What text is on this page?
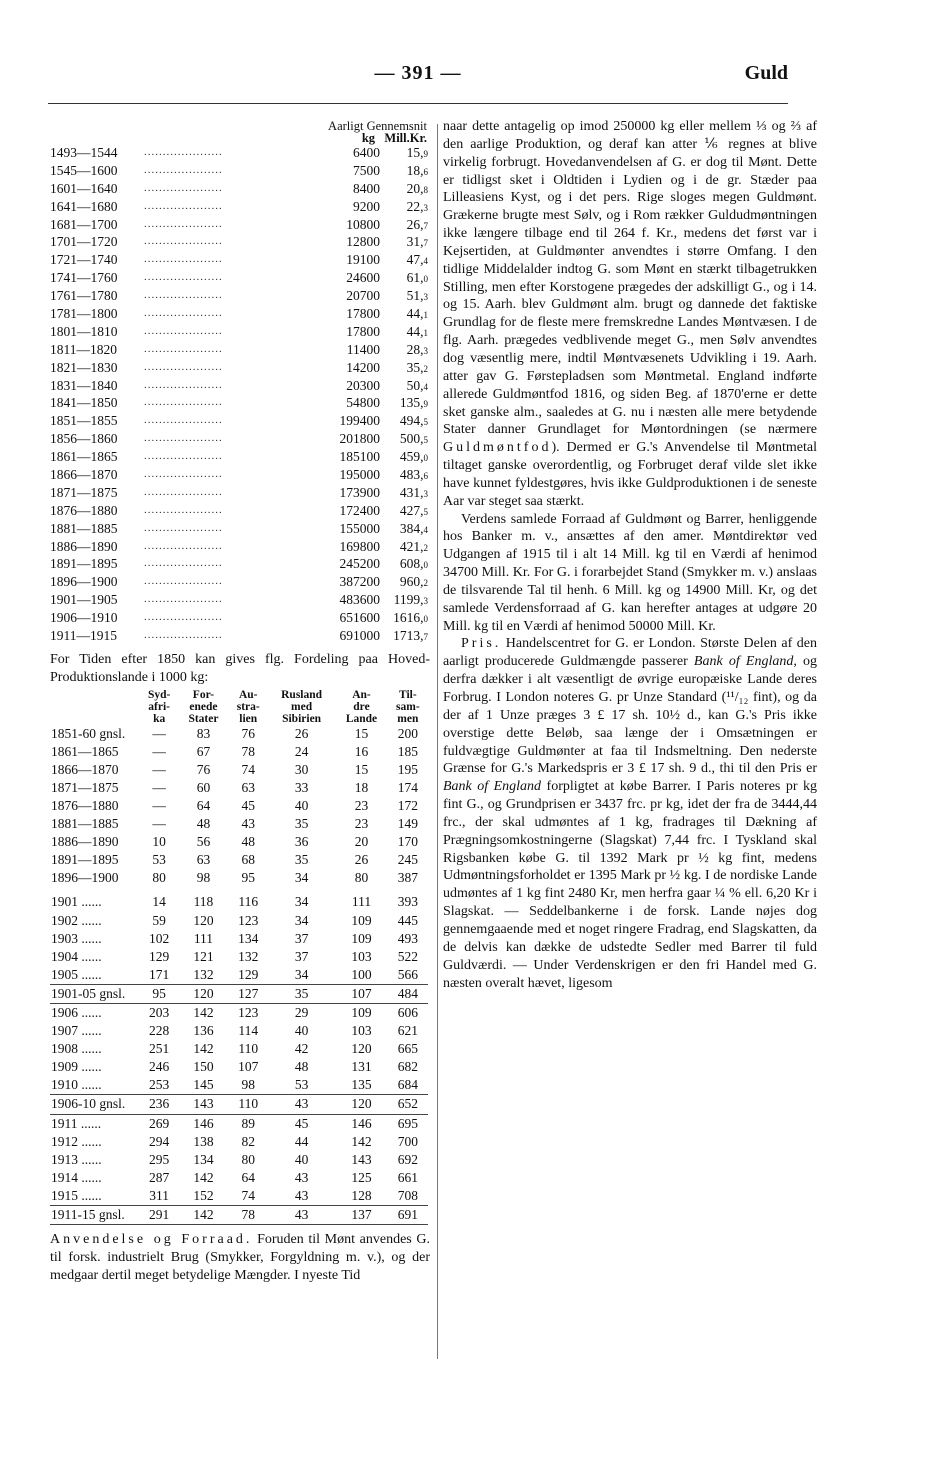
— 391 —	Guld
Aarligt Gennemsnit
kg   Mill.Kr.
1493—1544 .....................	6400 15,9
1545—1600 .....................	7500 18,6
1601—1640 .....................	8400 20,8
1641—1680 .....................	9200 22,3
1681—1700 .....................	10800 26,7
1701—1720 .....................	12800 31,7
1721—1740 .....................	19100 47,4
1741—1760 .....................	24600 61,0
1761—1780 .....................	20700 51,3
1781—1800 .....................	17800 44,1
1801—1810 .....................	17800 44,1
1811—1820 .....................	11400 28,3
1821—1830 .....................	14200 35,2
1831—1840 .....................	20300 50,4
1841—1850 .....................	54800 135,9
1851—1855 .....................	199400 494,5
1856—1860 .....................	201800 500,5
1861—1865 .....................	185100 459,0
1866—1870 .....................	195000 483,6
1871—1875 .....................	173900 431,3
1876—1880 .....................	172400 427,5
1881—1885 .....................	155000 384,4
1886—1890 .....................	169800 421,2
1891—1895 .....................	245200 608,0
1896—1900 .....................	387200 960,2
1901—1905 .....................	483600 1199,3
1906—1910 .....................	651600 1616,0
1911—1915 .....................	691000 1713,7
For Tiden efter 1850 kan gives flg. Fordeling paa Hoved-Produktionslande i 1000 kg:
	Syd-
afri-
ka	For-
enede
Stater	Au-
stra-
lien	Rusland
med
Sibirien	An-
dre
Lande	Til-
sam-
men
1851-60 gnsl.	—	83	76	26	15	200
1861—1865	—	67	78	24	16	185
1866—1870	—	76	74	30	15	195
1871—1875	—	60	63	33	18	174
1876—1880	—	64	45	40	23	172
1881—1885	—	48	43	35	23	149
1886—1890	10	56	48	36	20	170
1891—1895	53	63	68	35	26	245
1896—1900	80	98	95	34	80	387

1901 ......	14	118	116	34	111	393
1902 ......	59	120	123	34	109	445
1903 ......	102	111	134	37	109	493
1904 ......	129	121	132	37	103	522
1905 ......	171	132	129	34	100	566
1901-05 gnsl.	95	120	127	35	107	484
1906 ......	203	142	123	29	109	606
1907 ......	228	136	114	40	103	621
1908 ......	251	142	110	42	120	665
1909 ......	246	150	107	48	131	682
1910 ......	253	145	98	53	135	684
1906-10 gnsl.	236	143	110	43	120	652
1911 ......	269	146	89	45	146	695
1912 ......	294	138	82	44	142	700
1913 ......	295	134	80	40	143	692
1914 ......	287	142	64	43	125	661
1915 ......	311	152	74	43	128	708
1911-15 gnsl.	291	142	78	43	137	691
Anvendelse og Forraad. Foruden til Mønt anvendes G. til forsk. industrielt Brug (Smykker, Forgyldning m. v.), og der medgaar dertil meget betydelige Mængder. I nyeste Tid

naar dette antagelig op imod 250000 kg eller mellem ⅓ og ⅔ af den aarlige Produktion, og deraf kan atter ⅙ regnes at blive virkelig forbrugt. Hovedanvendelsen af G. er dog til Mønt. Dette er tidligst sket i Oldtiden i Lydien og i de gr. Stæder paa Lilleasiens Kyst, og i det pers. Rige sloges megen Guldmønt. Grækerne brugte mest Sølv, og i Rom rækker Guldudmøntningen ikke længere tilbage end til 264 f. Kr., medens det først var i Kejsertiden, at Guldmønter anvendtes i større Omfang. I den tidlige Middelalder indtog G. som Mønt en stærkt tilbagetrukken Stilling, men efter Korstogene prægedes der adskilligt G., og i 14. og 15. Aarh. blev Guldmønt alm. brugt og dannede det faktiske Grundlag for de fleste mere fremskredne Landes Møntvæsen. I de flg. Aarh. prægedes vedblivende meget G., men Sølv anvendtes dog væsentlig mere, indtil Møntvæsenets Udvikling i 19. Aarh. atter gav G. Førstepladsen som Møntmetal. England indførte allerede Guldmøntfod 1816, og siden Beg. af 1870'erne er dette sket ganske alm., saaledes at G. nu i næsten alle mere betydende Stater danner Grundlaget for Møntordningen (se nærmere Guldmøntfod). Dermed er G.'s Anvendelse til Møntmetal tiltaget ganske overordentlig, og Forbruget deraf vilde slet ikke have kunnet fyldestgøres, hvis ikke Guldproduktionen i de seneste Aar var steget saa stærkt.

Verdens samlede Forraad af Guldmønt og Barrer, henliggende hos Banker m. v., ansættes af den amer. Møntdirektør ved Udgangen af 1915 til i alt 14 Mill. kg til en Værdi af henimod 34700 Mill. Kr. For G. i forarbejdet Stand (Smykker m. v.) anslaas de tilsvarende Tal til henh. 6 Mill. kg og 14900 Mill. Kr, og det samlede Verdensforraad af G. kan herefter antages at udgøre 20 Mill. kg til en Værdi af henimod 50000 Mill. Kr.

Pris. Handelscentret for G. er London. Største Delen af den aarligt producerede Guldmængde passerer Bank of England, og derfra dækker i alt væsentligt de øvrige europæiske Lande deres Forbrug. I London noteres G. pr Unze Standard (¹¹/₁₂ fint), og da der af 1 Unze præges 3 £ 17 sh. 10½ d., kan G.'s Pris ikke overstige dette Beløb, saa længe der i Omsætningen er fuldvægtige Guldmønter at faa til Indsmeltning. Den nederste Grænse for G.'s Markedspris er 3 £ 17 sh. 9 d., thi til den Pris er Bank of England forpligtet at købe Barrer. I Paris noteres pr kg fint G., og Grundprisen er 3437 frc. pr kg, idet der fra de 3444,44 frc., der skal udmøntes af 1 kg, fradrages til Dækning af Prægningsomkostningerne (Slagskat) 7,44 frc. I Tyskland skal Rigsbanken købe G. til 1392 Mark pr ½ kg fint, medens Udmøntningsforholdet er 1395 Mark pr ½ kg. I de nordiske Lande udmøntes af 1 kg fint 2480 Kr, men herfra gaar ¼ % ell. 6,20 Kr i Slagskat. — Seddelbankerne i de forsk. Lande nøjes dog gennemgaaende med et noget ringere Fradrag, end Slagskatten, da de delvis kan dække de udstedte Sedler med Barrer til fuld Guldværdi. — Under Verdenskrigen er den fri Handel med G. næsten overalt hævet, ligesom
